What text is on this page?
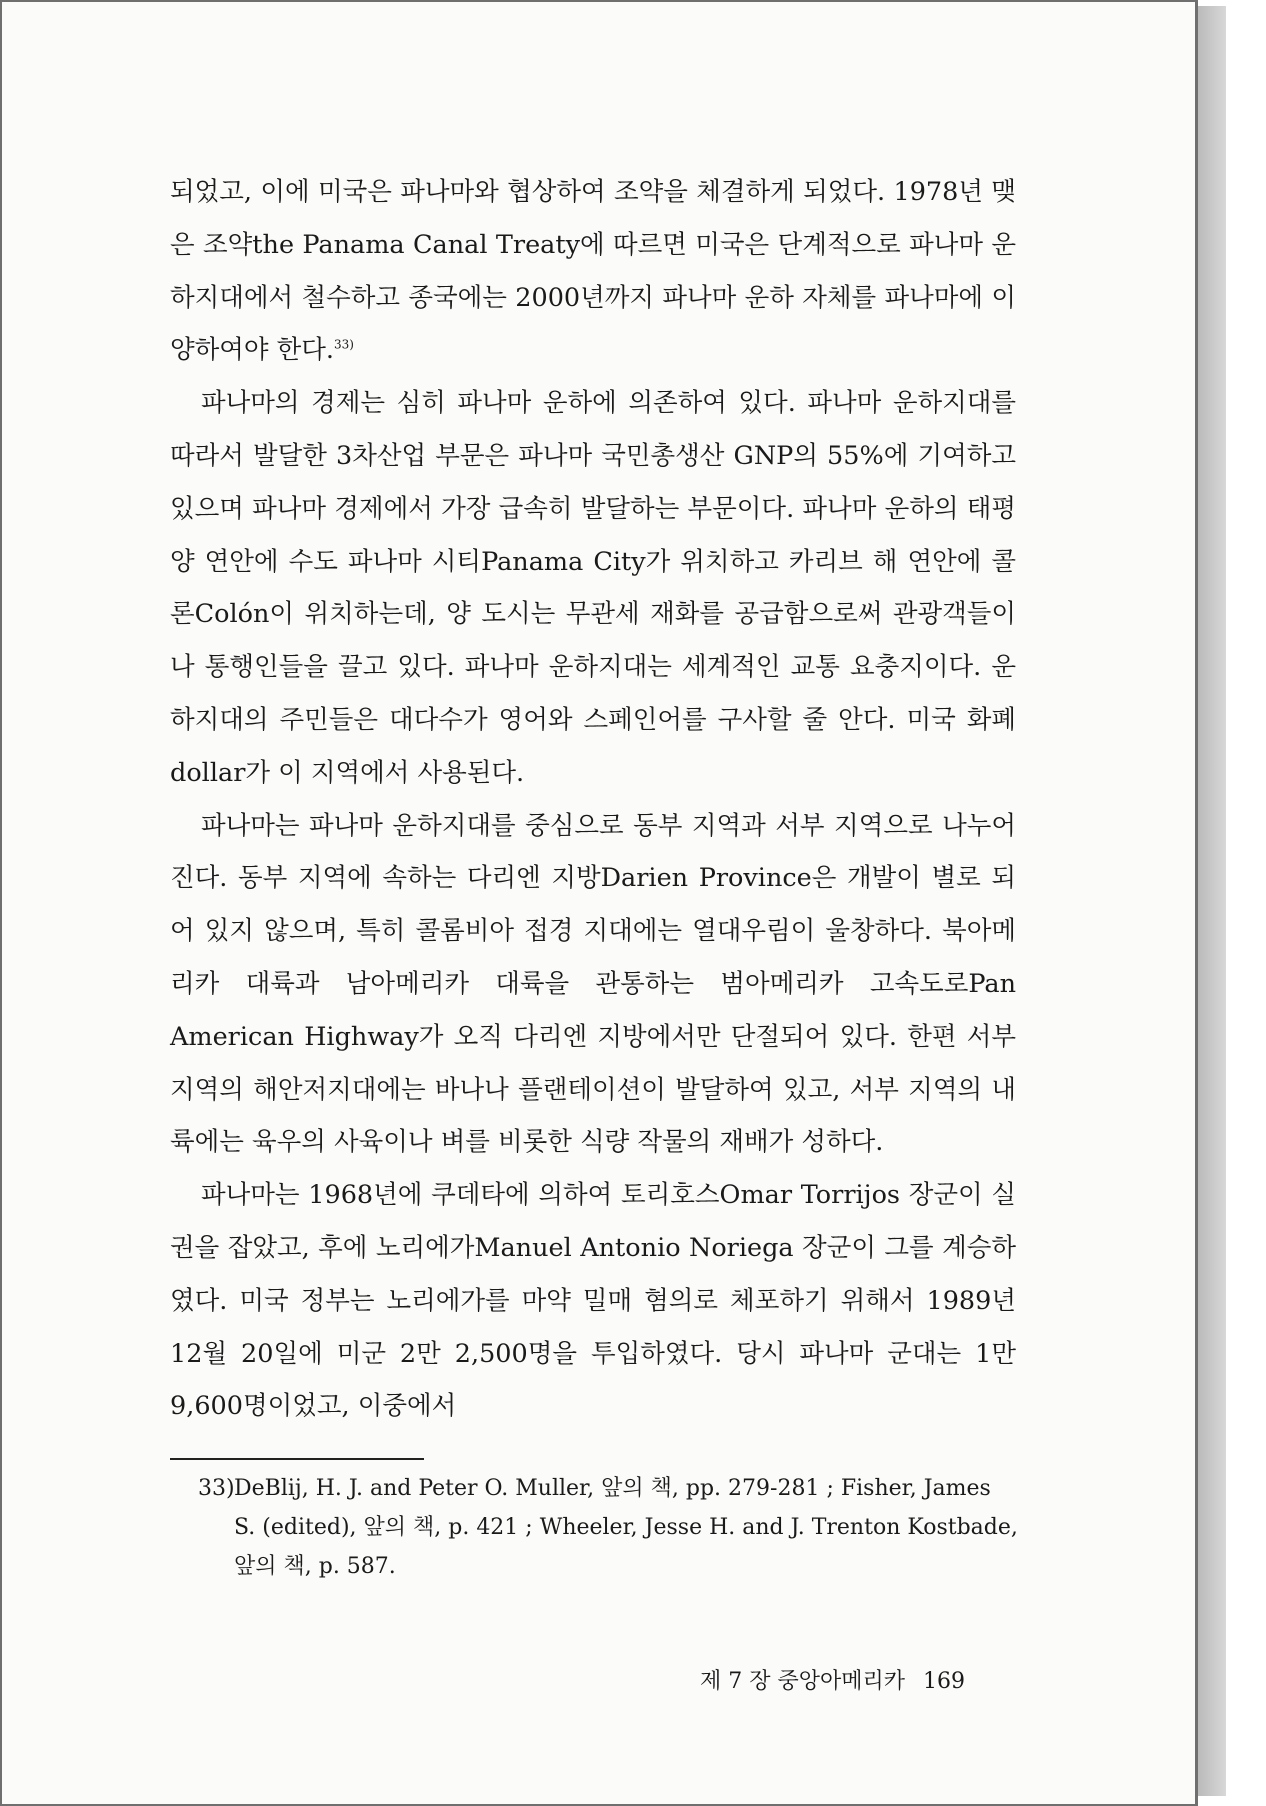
되었고, 이에 미국은 파나마와 협상하여 조약을 체결하게 되었다. 1978년 맺은 조약the Panama Canal Treaty에 따르면 미국은 단계적으로 파나마 운하지대에서 철수하고 종국에는 2000년까지 파나마 운하 자체를 파나마에 이양하여야 한다.$^{33)}$

파나마의 경제는 심히 파나마 운하에 의존하여 있다. 파나마 운하지대를 따라서 발달한 3차산업 부문은 파나마 국민총생산 GNP의 55%에 기여하고 있으며 파나마 경제에서 가장 급속히 발달하는 부문이다. 파나마 운하의 태평양 연안에 수도 파나마 시티Panama City가 위치하고 카리브 해 연안에 콜론Colón이 위치하는데, 양 도시는 무관세 재화를 공급함으로써 관광객들이나 통행인들을 끌고 있다. 파나마 운하지대는 세계적인 교통 요충지이다. 운하지대의 주민들은 대다수가 영어와 스페인어를 구사할 줄 안다. 미국 화폐dollar가 이 지역에서 사용된다.

파나마는 파나마 운하지대를 중심으로 동부 지역과 서부 지역으로 나누어진다. 동부 지역에 속하는 다리엔 지방Darien Province은 개발이 별로 되어 있지 않으며, 특히 콜롬비아 접경 지대에는 열대우림이 울창하다. 북아메리카 대륙과 남아메리카 대륙을 관통하는 범아메리카 고속도로Pan American Highway가 오직 다리엔 지방에서만 단절되어 있다. 한편 서부 지역의 해안저지대에는 바나나 플랜테이션이 발달하여 있고, 서부 지역의 내륙에는 육우의 사육이나 벼를 비롯한 식량 작물의 재배가 성하다.

파나마는 1968년에 쿠데타에 의하여 토리호스Omar Torrijos 장군이 실권을 잡았고, 후에 노리에가Manuel Antonio Noriega 장군이 그를 계승하였다. 미국 정부는 노리에가를 마약 밀매 혐의로 체포하기 위해서 1989년 12월 20일에 미군 2만 2,500명을 투입하였다. 당시 파나마 군대는 1만 9,600명이었고, 이중에서

33) DeBlij, H. J. and Peter O. Muller, 앞의 책, pp. 279-281 ; Fisher, James S. (edited), 앞의 책, p. 421 ; Wheeler, Jesse H. and J. Trenton Kostbade, 앞의 책, p. 587.
제 7 장 중앙아메리카 169
